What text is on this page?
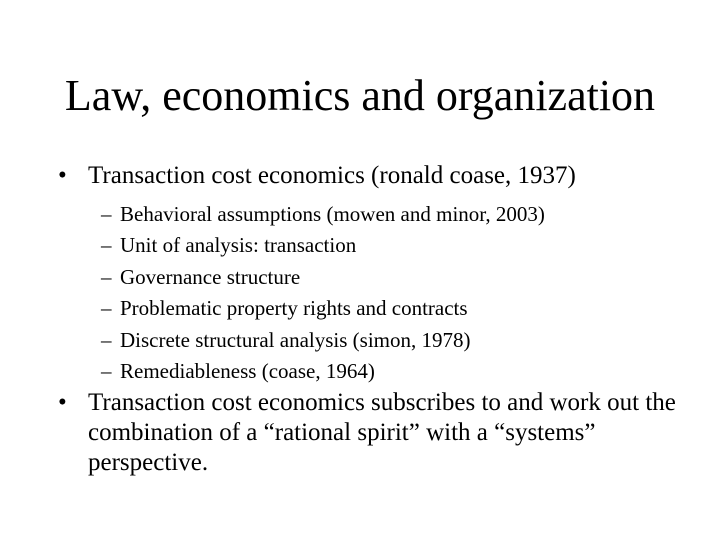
Law, economics and organization
• Transaction cost economics (ronald coase, 1937)
– Behavioral assumptions (mowen and minor, 2003)
– Unit of analysis: transaction
– Governance structure
– Problematic property rights and contracts
– Discrete structural analysis (simon, 1978)
– Remediableness (coase, 1964)
• Transaction cost economics subscribes to and work out the combination of a “rational spirit” with a “systems” perspective.
